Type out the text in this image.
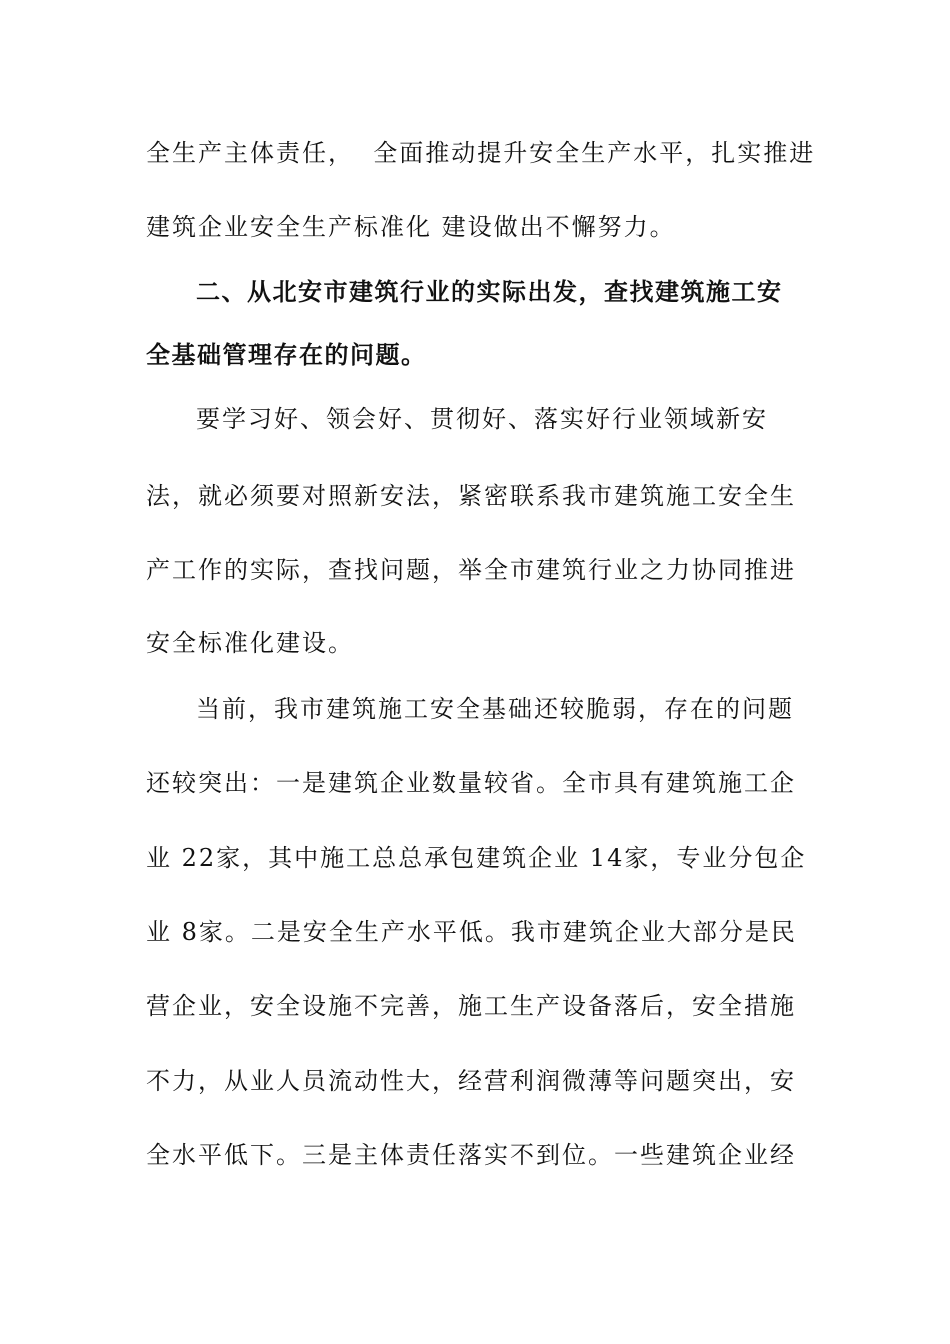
全生产主体责任，  全面推动提升安全生产水平，扎实推进
建筑企业安全生产标准化 建设做出不懈努力。
二、从北安市建筑行业的实际出发，查找建筑施工安
全基础管理存在的问题。
要学习好、领会好、贯彻好、落实好行业领域新安
法，就必须要对照新安法，紧密联系我市建筑施工安全生
产工作的实际，查找问题，举全市建筑行业之力协同推进
安全标准化建设。
当前，我市建筑施工安全基础还较脆弱，存在的问题
还较突出：一是建筑企业数量较省。全市具有建筑施工企
业 22家，其中施工总总承包建筑企业 14家，专业分包企
业 8家。二是安全生产水平低。我市建筑企业大部分是民
营企业，安全设施不完善，施工生产设备落后，安全措施
不力，从业人员流动性大，经营利润微薄等问题突出，安
全水平低下。三是主体责任落实不到位。一些建筑企业经
